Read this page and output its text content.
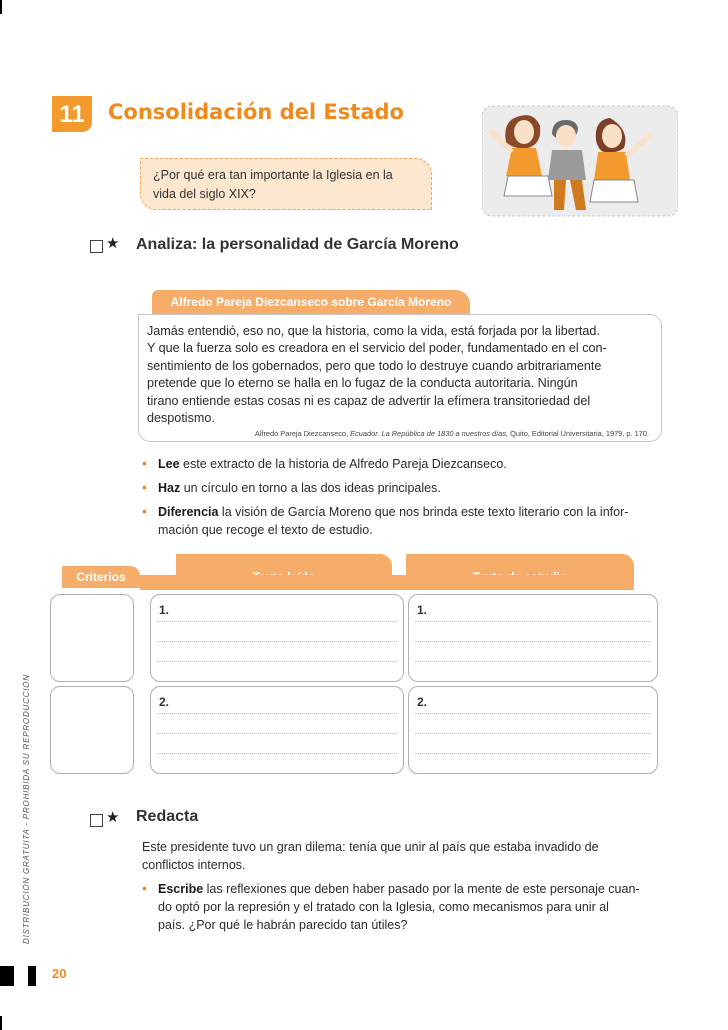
DISTRIBUCIÓN GRATUITA - PROHIBIDA SU REPRODUCCIÓN
11	Consolidación del Estado
¿Por qué era tan importante la Iglesia en la
vida del siglo XIX?
★ Analiza: la personalidad de García Moreno
Alfredo Pareja Diezcanseco sobre García Moreno
Jamás entendió, eso no, que la historia, como la vida, está forjada por la libertad.
Y que la fuerza solo es creadora en el servicio del poder, fundamentado en el con-
sentimiento de los gobernados, pero que todo lo destruye cuando arbitrariamente
pretende que lo eterno se halla en lo fugaz de la conducta autoritaria. Ningún
tirano entiende estas cosas ni es capaz de advertir la efímera transitoriedad del
despotismo.
Alfredo Pareja Diezcanseco, Ecuador. La República de 1830 a nuestros días, Quito, Editorial Universitaria, 1979, p. 170.
• Lee este extracto de la historia de Alfredo Pareja Diezcanseco.
• Haz un círculo en torno a las dos ideas principales.
• Diferencia la visión de García Moreno que nos brinda este texto literario con la infor-
mación que recoge el texto de estudio.
Criterios
1.	1.
2.	2.
★ Redacta
Este presidente tuvo un gran dilema: tenía que unir al país que estaba invadido de
conflictos internos.
• Escribe las reflexiones que deben haber pasado por la mente de este personaje cuan-
do optó por la represión y el tratado con la Iglesia, como mecanismos para unir al
país. ¿Por qué le habrán parecido tan útiles?
20
